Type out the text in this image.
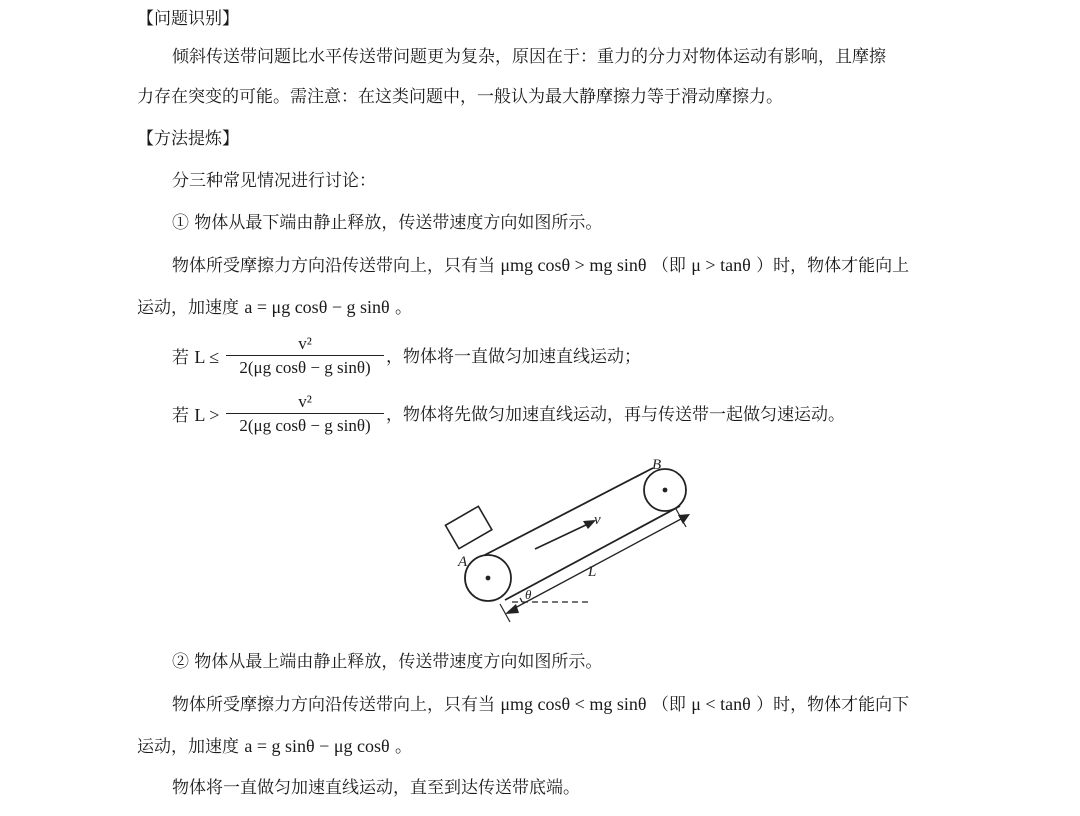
【问题识别】
倾斜传送带问题比水平传送带问题更为复杂，原因在于：重力的分力对物体运动有影响，且摩擦
力存在突变的可能。需注意：在这类问题中，一般认为最大静摩擦力等于滑动摩擦力。
【方法提炼】
分三种常见情况进行讨论：
① 物体从最下端由静止释放，传送带速度方向如图所示。
物体所受摩擦力方向沿传送带向上，只有当 μmg cosθ > mg sinθ （即 μ > tanθ ）时，物体才能向上
运动，加速度 a = μg cosθ − g sinθ 。
若 L ≤
v²
2(μg cosθ − g sinθ)
，物体将一直做匀加速直线运动；
若 L >
v²
2(μg cosθ − g sinθ)
，物体将先做匀加速直线运动，再与传送带一起做匀速运动。
A
B
v
L
θ
② 物体从最上端由静止释放，传送带速度方向如图所示。
物体所受摩擦力方向沿传送带向上，只有当 μmg cosθ < mg sinθ （即 μ < tanθ ）时，物体才能向下
运动，加速度 a = g sinθ − μg cosθ 。
物体将一直做匀加速直线运动，直至到达传送带底端。
